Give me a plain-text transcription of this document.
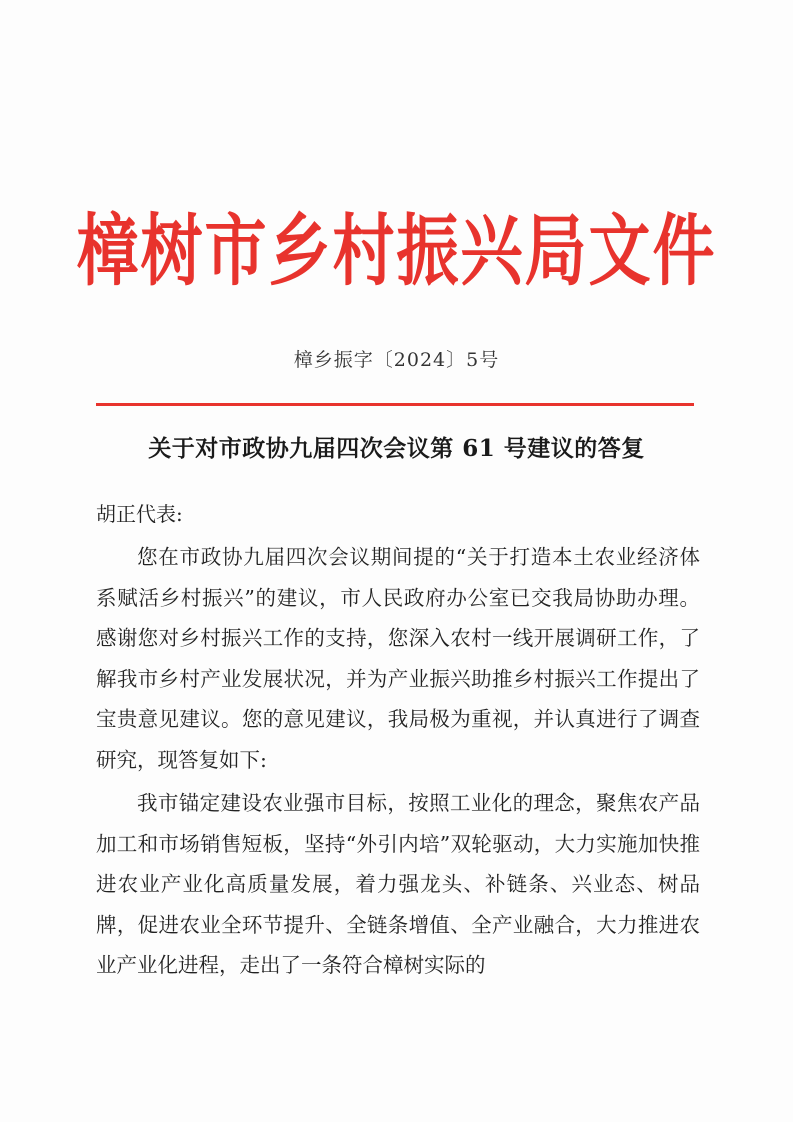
樟树市乡村振兴局文件
樟乡振字〔2024〕5号
关于对市政协九届四次会议第 61 号建议的答复
胡正代表:

您在市政协九届四次会议期间提的“关于打造本土农业经济体系赋活乡村振兴”的建议，市人民政府办公室已交我局协助办理。感谢您对乡村振兴工作的支持，您深入农村一线开展调研工作，了解我市乡村产业发展状况，并为产业振兴助推乡村振兴工作提出了宝贵意见建议。您的意见建议，我局极为重视，并认真进行了调查研究，现答复如下:

我市锚定建设农业强市目标，按照工业化的理念，聚焦农产品加工和市场销售短板，坚持“外引内培”双轮驱动，大力实施加快推进农业产业化高质量发展，着力强龙头、补链条、兴业态、树品牌，促进农业全环节提升、全链条增值、全产业融合，大力推进农业产业化进程，走出了一条符合樟树实际的
